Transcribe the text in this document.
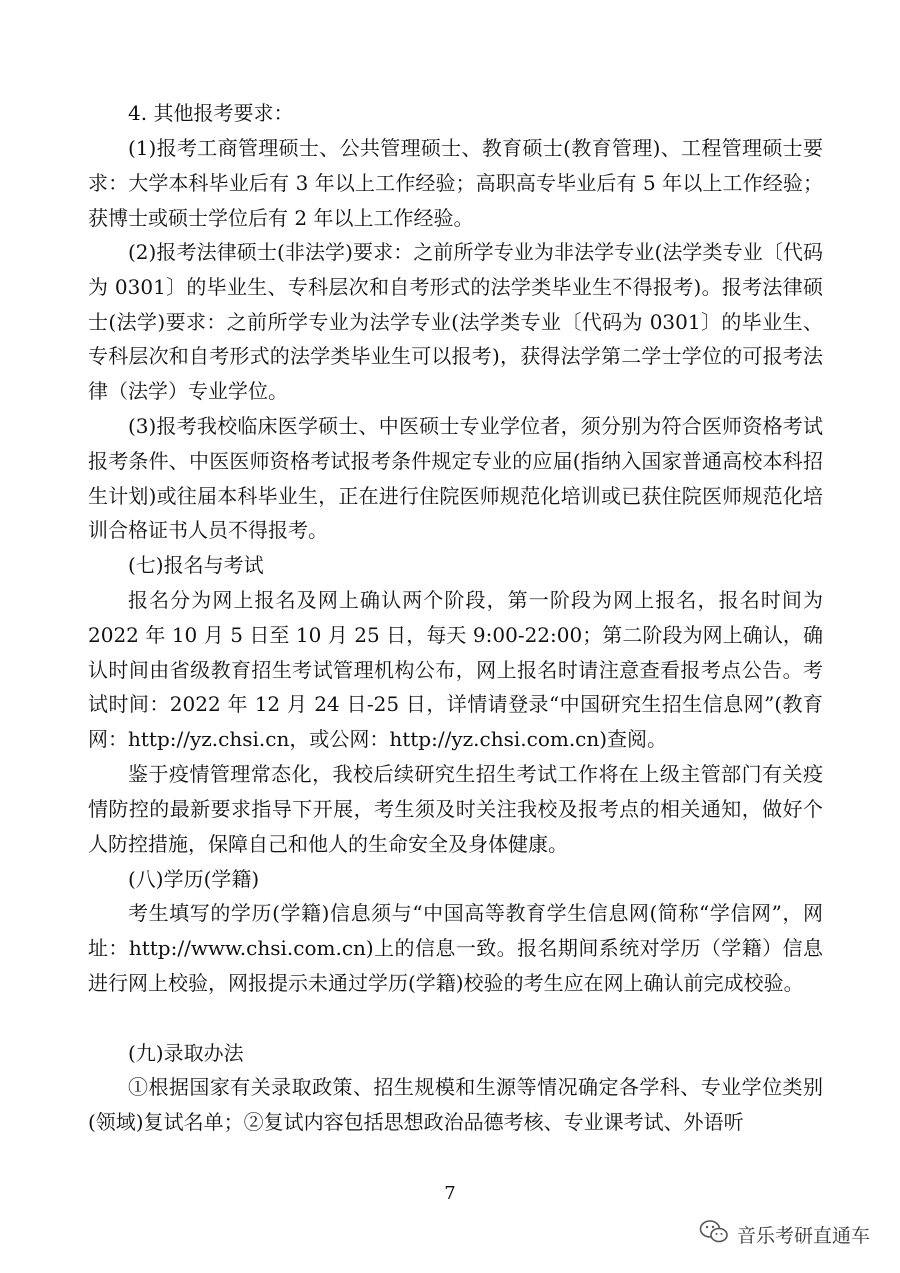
4. 其他报考要求：

(1)报考工商管理硕士、公共管理硕士、教育硕士(教育管理)、工程管理硕士要求：大学本科毕业后有 3 年以上工作经验；高职高专毕业后有 5 年以上工作经验；获博士或硕士学位后有 2 年以上工作经验。

(2)报考法律硕士(非法学)要求：之前所学专业为非法学专业(法学类专业〔代码为 0301〕的毕业生、专科层次和自考形式的法学类毕业生不得报考)。报考法律硕士(法学)要求：之前所学专业为法学专业(法学类专业〔代码为 0301〕的毕业生、专科层次和自考形式的法学类毕业生可以报考)，获得法学第二学士学位的可报考法律（法学）专业学位。

(3)报考我校临床医学硕士、中医硕士专业学位者，须分别为符合医师资格考试报考条件、中医医师资格考试报考条件规定专业的应届(指纳入国家普通高校本科招生计划)或往届本科毕业生，正在进行住院医师规范化培训或已获住院医师规范化培训合格证书人员不得报考。

(七)报名与考试

报名分为网上报名及网上确认两个阶段，第一阶段为网上报名，报名时间为 2022 年 10 月 5 日至 10 月 25 日，每天 9:00-22:00；第二阶段为网上确认，确认时间由省级教育招生考试管理机构公布，网上报名时请注意查看报考点公告。考试时间：2022 年 12 月 24 日-25 日，详情请登录“中国研究生招生信息网”(教育网：http://yz.chsi.cn，或公网：http://yz.chsi.com.cn)查阅。

鉴于疫情管理常态化，我校后续研究生招生考试工作将在上级主管部门有关疫情防控的最新要求指导下开展，考生须及时关注我校及报考点的相关通知，做好个人防控措施，保障自己和他人的生命安全及身体健康。

(八)学历(学籍)

考生填写的学历(学籍)信息须与“中国高等教育学生信息网(简称“学信网”，网址：http://www.chsi.com.cn)上的信息一致。报名期间系统对学历（学籍）信息进行网上校验，网报提示未通过学历(学籍)校验的考生应在网上确认前完成校验。

(九)录取办法

①根据国家有关录取政策、招生规模和生源等情况确定各学科、专业学位类别(领域)复试名单；②复试内容包括思想政治品德考核、专业课考试、外语听

7
音乐考研直通车
